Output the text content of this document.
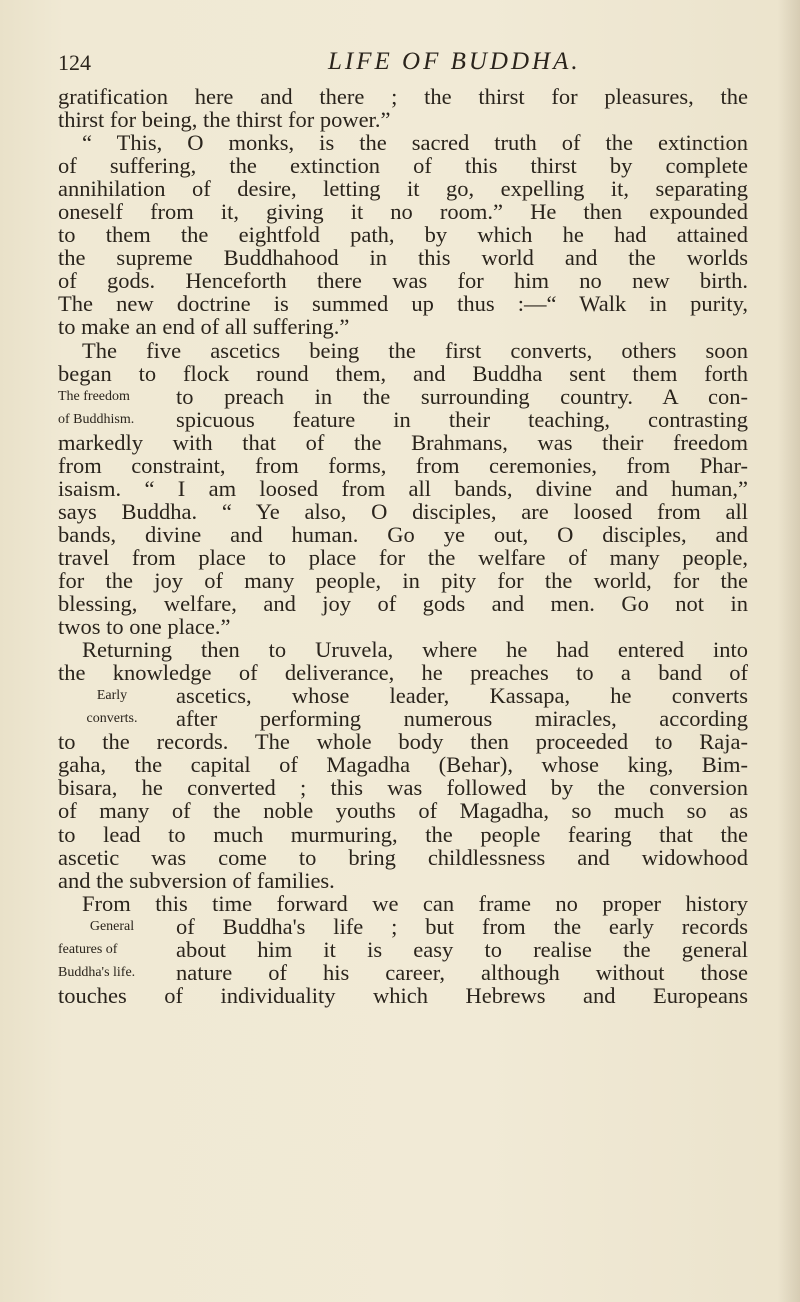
124	LIFE OF BUDDHA.
gratification here and there ; the thirst for pleasures, the
thirst for being, the thirst for power.”
“ This, O monks, is the sacred truth of the extinction
of suffering, the extinction of this thirst by complete
annihilation of desire, letting it go, expelling it, separating
oneself from it, giving it no room.” He then expounded
to them the eightfold path, by which he had attained
the supreme Buddhahood in this world and the worlds
of gods. Henceforth there was for him no new birth.
The new doctrine is summed up thus :—“ Walk in purity,
to make an end of all suffering.”
The five ascetics being the first converts, others soon
began to flock round them, and Buddha sent them forth
The freedom to preach in the surrounding country. A con-
of Buddhism. spicuous feature in their teaching, contrasting
markedly with that of the Brahmans, was their freedom
from constraint, from forms, from ceremonies, from Phar-
isaism. “ I am loosed from all bands, divine and human,”
says Buddha. “ Ye also, O disciples, are loosed from all
bands, divine and human. Go ye out, O disciples, and
travel from place to place for the welfare of many people,
for the joy of many people, in pity for the world, for the
blessing, welfare, and joy of gods and men. Go not in
twos to one place.”
Returning then to Uruvela, where he had entered into
the knowledge of deliverance, he preaches to a band of
Early	ascetics, whose leader, Kassapa, he converts
converts.	after performing numerous miracles, according
to the records. The whole body then proceeded to Raja-
gaha, the capital of Magadha (Behar), whose king, Bim-
bisara, he converted ; this was followed by the conversion
of many of the noble youths of Magadha, so much so as
to lead to much murmuring, the people fearing that the
ascetic was come to bring childlessness and widowhood
and the subversion of families.
From this time forward we can frame no proper history
General	of Buddha's life ; but from the early records
features of	about him it is easy to realise the general
Buddha's life. nature of his career, although without those
touches of individuality which Hebrews and Europeans
